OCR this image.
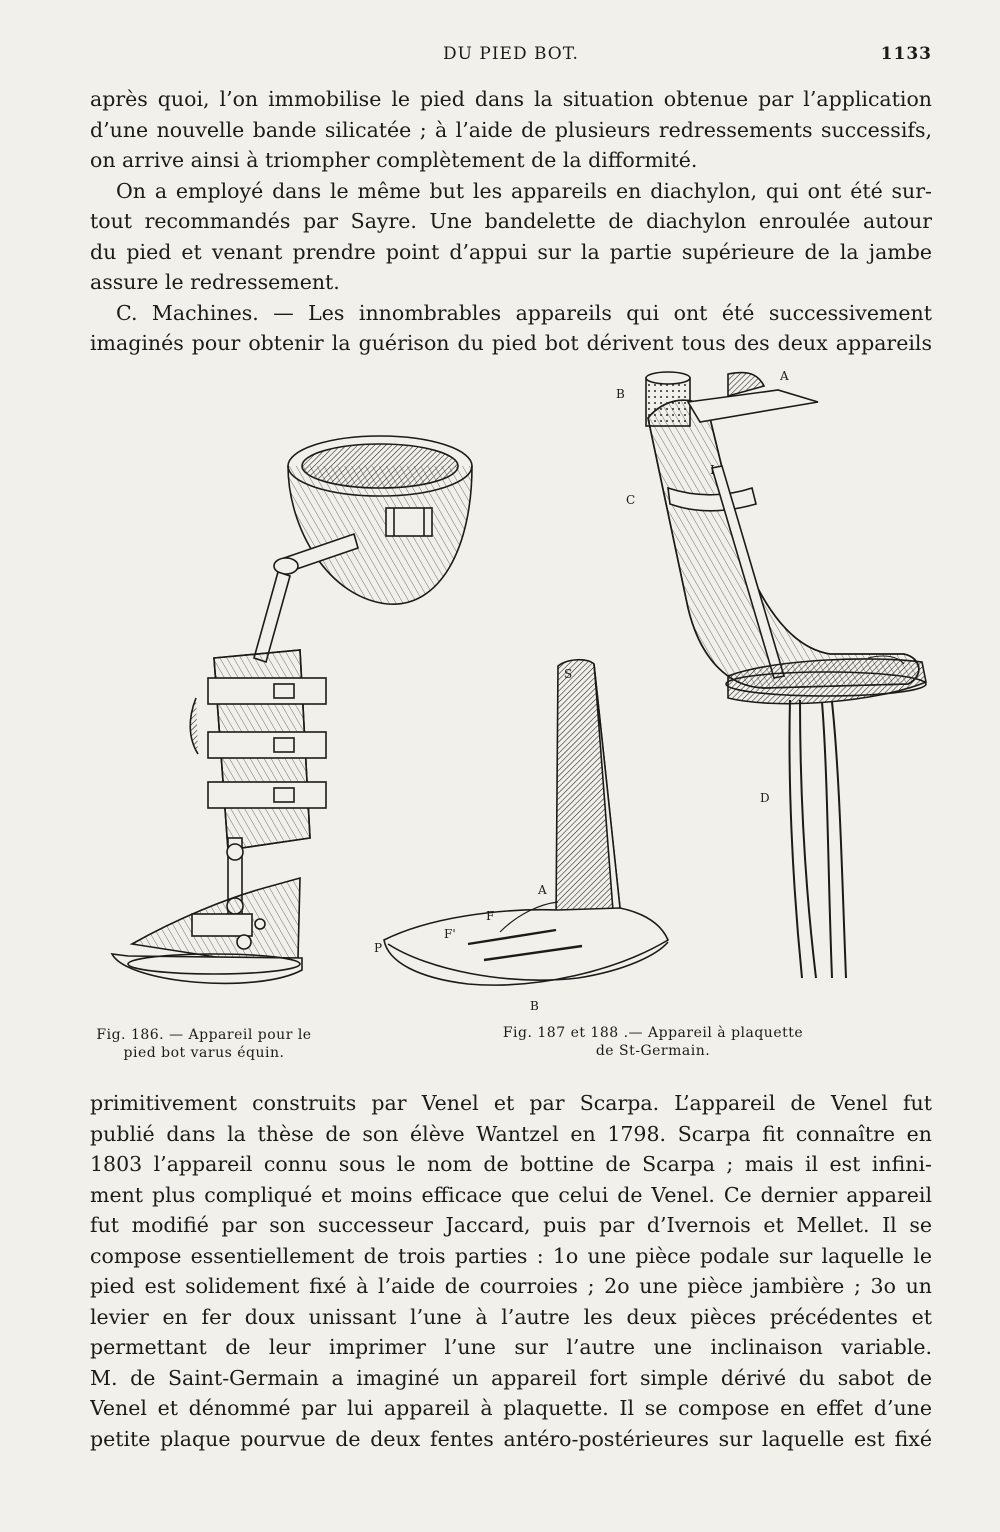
DU PIED BOT.	1133
après quoi, l’on immobilise le pied dans la situation obtenue par l’application
d’une nouvelle bande silicatée ; à l’aide de plusieurs redressements successifs,
on arrive ainsi à triompher complètement de la difformité.
On a employé dans le même but les appareils en diachylon, qui ont été sur-
tout recommandés par Sayre. Une bandelette de diachylon enroulée autour
du pied et venant prendre point d’appui sur la partie supérieure de la jambe
assure le redressement.
C. Machines. — Les innombrables appareils qui ont été successivement
imaginés pour obtenir la guérison du pied bot dérivent tous des deux appareils
S
A
F
F'
P
B
B
A
C
I
D
Fig. 186. — Appareil pour le
pied bot varus équin.
Fig. 187 et 188 .— Appareil à plaquette
de St-Germain.
primitivement construits par Venel et par Scarpa. L’appareil de Venel fut
publié dans la thèse de son élève Wantzel en 1798. Scarpa fit connaître en
1803 l’appareil connu sous le nom de bottine de Scarpa ; mais il est infini-
ment plus compliqué et moins efficace que celui de Venel. Ce dernier appareil
fut modifié par son successeur Jaccard, puis par d’Ivernois et Mellet. Il se
compose essentiellement de trois parties : 1o une pièce podale sur laquelle le
pied est solidement fixé à l’aide de courroies ; 2o une pièce jambière ; 3o un
levier en fer doux unissant l’une à l’autre les deux pièces précédentes et
permettant de leur imprimer l’une sur l’autre une inclinaison variable.
M. de Saint-Germain a imaginé un appareil fort simple dérivé du sabot de
Venel et dénommé par lui appareil à plaquette. Il se compose en effet d’une
petite plaque pourvue de deux fentes antéro-postérieures sur laquelle est fixé
